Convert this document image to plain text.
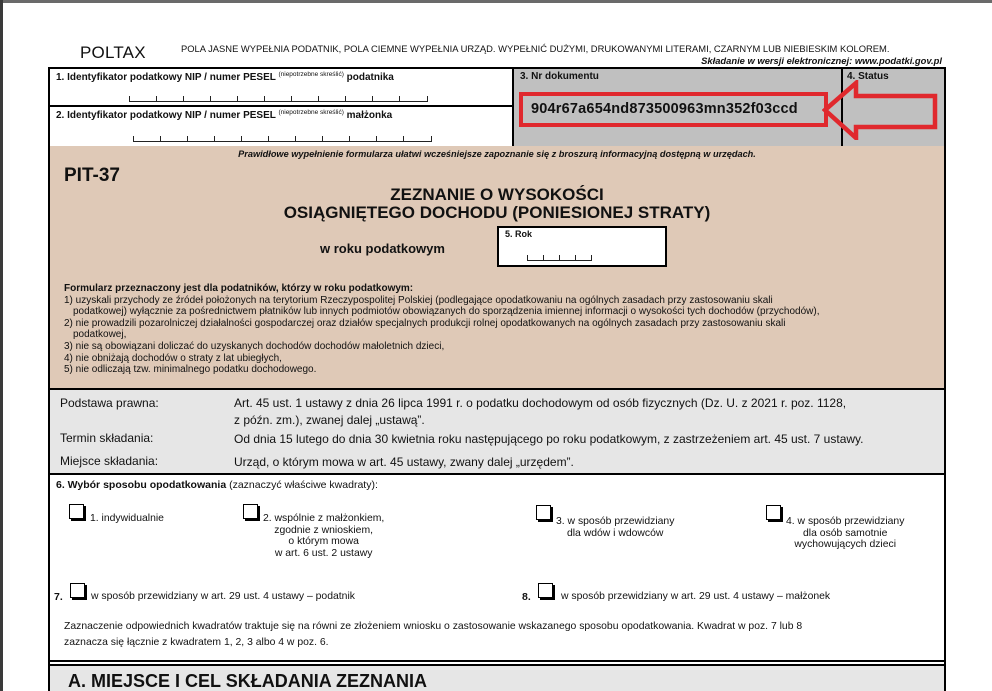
POLTAX	POLA JASNE WYPEŁNIA PODATNIK, POLA CIEMNE WYPEŁNIA URZĄD. WYPEŁNIĆ DUŻYMI, DRUKOWANYMI LITERAMI, CZARNYM LUB NIEBIESKIM KOLOREM.
Składanie w wersji elektronicznej: www.podatki.gov.pl
1. Identyfikator podatkowy NIP / numer PESEL $^{(niepotrzebne skreślić)}$ podatnika
2. Identyfikator podatkowy NIP / numer PESEL $^{(niepotrzebne skreślić)}$ małżonka
3. Nr dokumentu
904r67a654nd873500963mn352f03ccd
4. Status
Prawidłowe wypełnienie formularza ułatwi wcześniejsze zapoznanie się z broszurą informacyjną dostępną w urzędach.
PIT-37
ZEZNANIE O WYSOKOŚCI
OSIĄGNIĘTEGO DOCHODU (PONIESIONEJ STRATY)
w roku podatkowym
5. Rok
Formularz przeznaczony jest dla podatników, którzy w roku podatkowym:
1) uzyskali przychody ze źródeł położonych na terytorium Rzeczypospolitej Polskiej (podlegające opodatkowaniu na ogólnych zasadach przy zastosowaniu skali
podatkowej) wyłącznie za pośrednictwem płatników lub innych podmiotów obowiązanych do sporządzenia imiennej informacji o wysokości tych dochodów (przychodów),
2) nie prowadzili pozarolniczej działalności gospodarczej oraz działów specjalnych produkcji rolnej opodatkowanych na ogólnych zasadach przy zastosowaniu skali
podatkowej,
3) nie są obowiązani doliczać do uzyskanych dochodów dochodów małoletnich dzieci,
4) nie obniżają dochodów o straty z lat ubiegłych,
5) nie odliczają tzw. minimalnego podatku dochodowego.
Podstawa prawna:	Art. 45 ust. 1 ustawy z dnia 26 lipca 1991 r. o podatku dochodowym od osób fizycznych (Dz. U. z 2021 r. poz. 1128,
z późn. zm.), zwanej dalej „ustawą”.
Termin składania:	Od dnia 15 lutego do dnia 30 kwietnia roku następującego po roku podatkowym, z zastrzeżeniem art. 45 ust. 7 ustawy.
Miejsce składania:	Urząd, o którym mowa w art. 45 ustawy, zwany dalej „urzędem”.
6. Wybór sposobu opodatkowania (zaznaczyć właściwe kwadraty):
1. indywidualnie	2. wspólnie z małżonkiem,
zgodnie z wnioskiem,
o którym mowa
w art. 6 ust. 2 ustawy
3. w sposób przewidziany
dla wdów i wdowców
4. w sposób przewidziany
dla osób samotnie
wychowujących dzieci
7.	w sposób przewidziany w art. 29 ust. 4 ustawy – podatnik	8.	w sposób przewidziany w art. 29 ust. 4 ustawy – małżonek
Zaznaczenie odpowiednich kwadratów traktuje się na równi ze złożeniem wniosku o zastosowanie wskazanego sposobu opodatkowania. Kwadrat w poz. 7 lub 8
zaznacza się łącznie z kwadratem 1, 2, 3 albo 4 w poz. 6.
A. MIEJSCE I CEL SKŁADANIA ZEZNANIA
